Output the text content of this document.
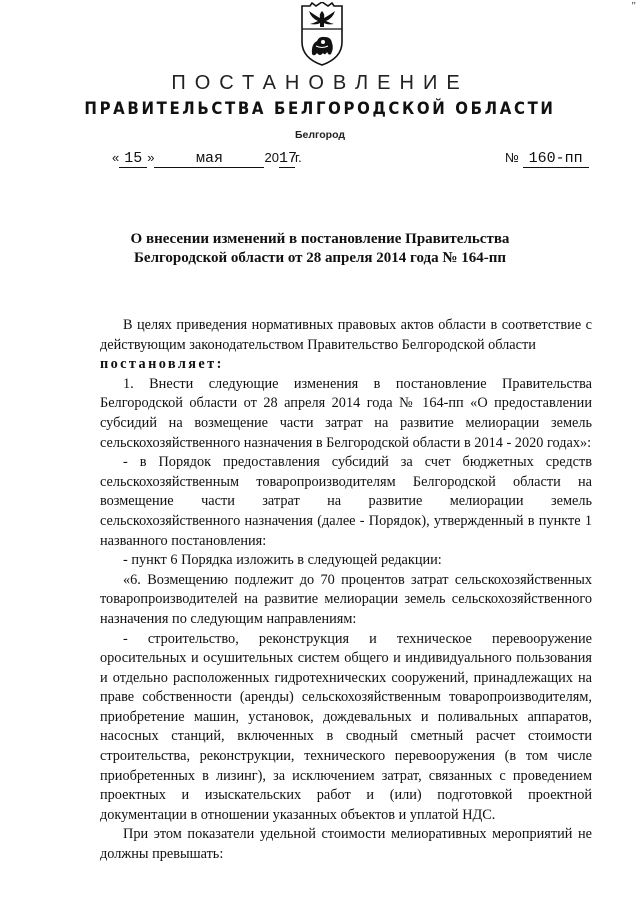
"
ПОСТАНОВЛЕНИЕ
ПРАВИТЕЛЬСТВА БЕЛГОРОДСКОЙ ОБЛАСТИ
Белгород
« 15 »	мая	2017г.	№ 160-пп
О внесении изменений в постановление Правительства
Белгородской области от 28 апреля 2014 года № 164-пп

В целях приведения нормативных правовых актов области в соответствие с действующим законодательством Правительство Белгородской области
постановляет:

1. Внести следующие изменения в постановление Правительства Белгородской области от 28 апреля 2014 года № 164-пп «О предоставлении субсидий на возмещение части затрат на развитие мелиорации земель сельскохозяйственного назначения в Белгородской области в 2014 - 2020 годах»:

- в Порядок предоставления субсидий за счет бюджетных средств сельскохозяйственным товаропроизводителям Белгородской области на возмещение части затрат на развитие мелиорации земель сельскохозяйственного назначения (далее - Порядок), утвержденный в пункте 1 названного постановления:

- пункт 6 Порядка изложить в следующей редакции:

«6. Возмещению подлежит до 70 процентов затрат сельскохозяйственных товаропроизводителей на развитие мелиорации земель сельскохозяйственного назначения по следующим направлениям:

- строительство, реконструкция и техническое перевооружение оросительных и осушительных систем общего и индивидуального пользования и отдельно расположенных гидротехнических сооружений, принадлежащих на праве собственности (аренды) сельскохозяйственным товаропроизводителям, приобретение машин, установок, дождевальных и поливальных аппаратов, насосных станций, включенных в сводный сметный расчет стоимости строительства, реконструкции, технического перевооружения (в том числе приобретенных в лизинг), за исключением затрат, связанных с проведением проектных и изыскательских работ и (или) подготовкой проектной документации в отношении указанных объектов и уплатой НДС.

При этом показатели удельной стоимости мелиоративных мероприятий не должны превышать:
